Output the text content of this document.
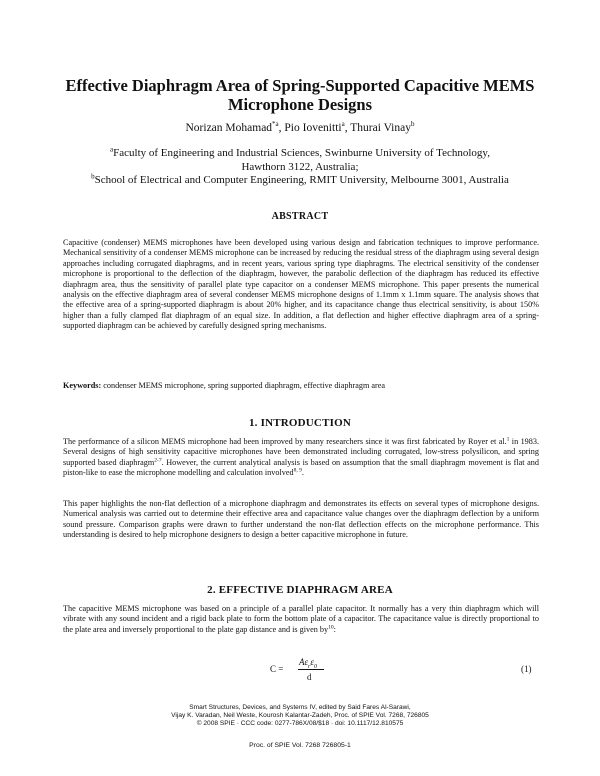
Effective Diaphragm Area of Spring-Supported Capacitive MEMS
Microphone Designs
Norizan Mohamad$^{*a}$, Pio Iovenitti$^a$, Thurai Vinay$^b$
$^a$Faculty of Engineering and Industrial Sciences, Swinburne University of Technology,
Hawthorn 3122, Australia;
$^b$School of Electrical and Computer Engineering, RMIT University, Melbourne 3001, Australia
ABSTRACT
Capacitive (condenser) MEMS microphones have been developed using various design and fabrication techniques to improve performance. Mechanical sensitivity of a condenser MEMS microphone can be increased by reducing the residual stress of the diaphragm using several design approaches including corrugated diaphragms, and in recent years, various spring type diaphragms. The electrical sensitivity of the condenser microphone is proportional to the deflection of the diaphragm, however, the parabolic deflection of the diaphragm has reduced its effective diaphragm area, thus the sensitivity of parallel plate type capacitor on a condenser MEMS microphone. This paper presents the numerical analysis on the effective diaphragm area of several condenser MEMS microphone designs of 1.1mm x 1.1mm square. The analysis shows that the effective area of a spring-supported diaphragm is about 20% higher, and its capacitance change thus electrical sensitivity, is about 150% higher than a fully clamped flat diaphragm of an equal size. In addition, a flat deflection and higher effective diaphragm area of a spring-supported diaphragm can be achieved by carefully designed spring mechanisms.
Keywords: condenser MEMS microphone, spring supported diaphragm, effective diaphragm area
1. INTRODUCTION
The performance of a silicon MEMS microphone had been improved by many researchers since it was first fabricated by Royer et al.$^1$ in 1983. Several designs of high sensitivity capacitive microphones have been demonstrated including corrugated, low-stress polysilicon, and spring supported based diaphragm$^{2-7}$. However, the current analytical analysis is based on assumption that the small diaphragm movement is flat and piston-like to ease the microphone modelling and calculation involved$^{8, 9}$.
This paper highlights the non-flat deflection of a microphone diaphragm and demonstrates its effects on several types of microphone designs. Numerical analysis was carried out to determine their effective area and capacitance value changes over the diaphragm deflection by a uniform sound pressure. Comparison graphs were drawn to further understand the non-flat deflection effects on the microphone performance. This understanding is desired to help microphone designers to design a better capacitive microphone in future.
2. EFFECTIVE DIAPHRAGM AREA
The capacitive MEMS microphone was based on a principle of a parallel plate capacitor. It normally has a very thin diaphragm which will vibrate with any sound incident and a rigid back plate to form the bottom plate of a capacitor. The capacitance value is directly proportional to the plate area and inversely proportional to the plate gap distance and is given $by^{10}$:
C =
$A\varepsilon_r\varepsilon_0$
d
(1)
Smart Structures, Devices, and Systems IV, edited by Said Fares Al-Sarawi,
Vijay K. Varadan, Neil Weste, Kourosh Kalantar-Zadeh, Proc. of SPIE Vol. 7268, 726805
© 2008 SPIE · CCC code: 0277-786X/08/$18 · doi: 10.1117/12.810575
Proc. of SPIE Vol. 7268 726805-1
